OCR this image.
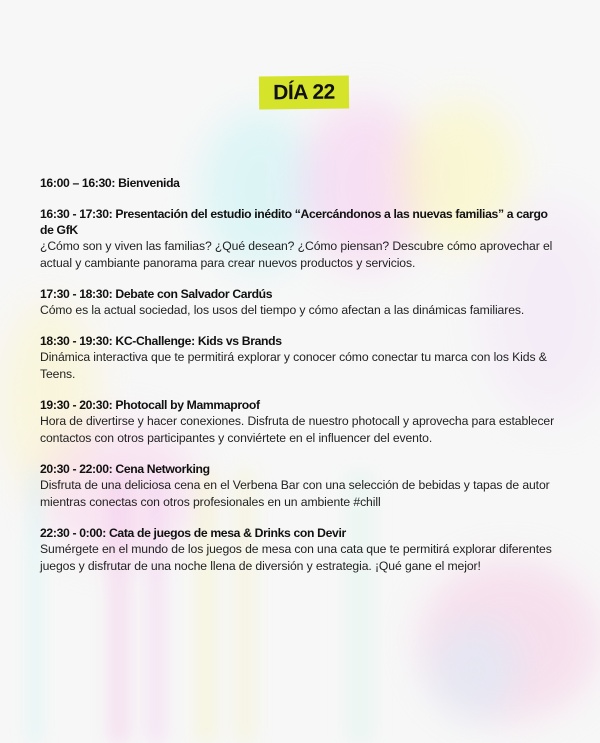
DÍA 22

16:00 – 16:30: Bienvenida

16:30 - 17:30: Presentación del estudio inédito “Acercándonos a las nuevas familias” a cargo de GfK

¿Cómo son y viven las familias? ¿Qué desean? ¿Cómo piensan? Descubre cómo aprovechar el actual y cambiante panorama para crear nuevos productos y servicios.

17:30 - 18:30: Debate con Salvador Cardús

Cómo es la actual sociedad, los usos del tiempo y cómo afectan a las dinámicas familiares.

18:30 - 19:30: KC-Challenge: Kids vs Brands

Dinámica interactiva que te permitirá explorar y conocer cómo conectar tu marca con los Kids & Teens.

19:30 - 20:30: Photocall by Mammaproof

Hora de divertirse y hacer conexiones. Disfruta de nuestro photocall y aprovecha para establecer contactos con otros participantes y conviértete en el influencer del evento.

20:30 - 22:00: Cena Networking

Disfruta de una deliciosa cena en el Verbena Bar con una selección de bebidas y tapas de autor mientras conectas con otros profesionales en un ambiente #chill

22:30 - 0:00: Cata de juegos de mesa & Drinks con Devir

Sumérgete en el mundo de los juegos de mesa con una cata que te permitirá explorar diferentes juegos y disfrutar de una noche llena de diversión y estrategia. ¡Qué gane el mejor!
